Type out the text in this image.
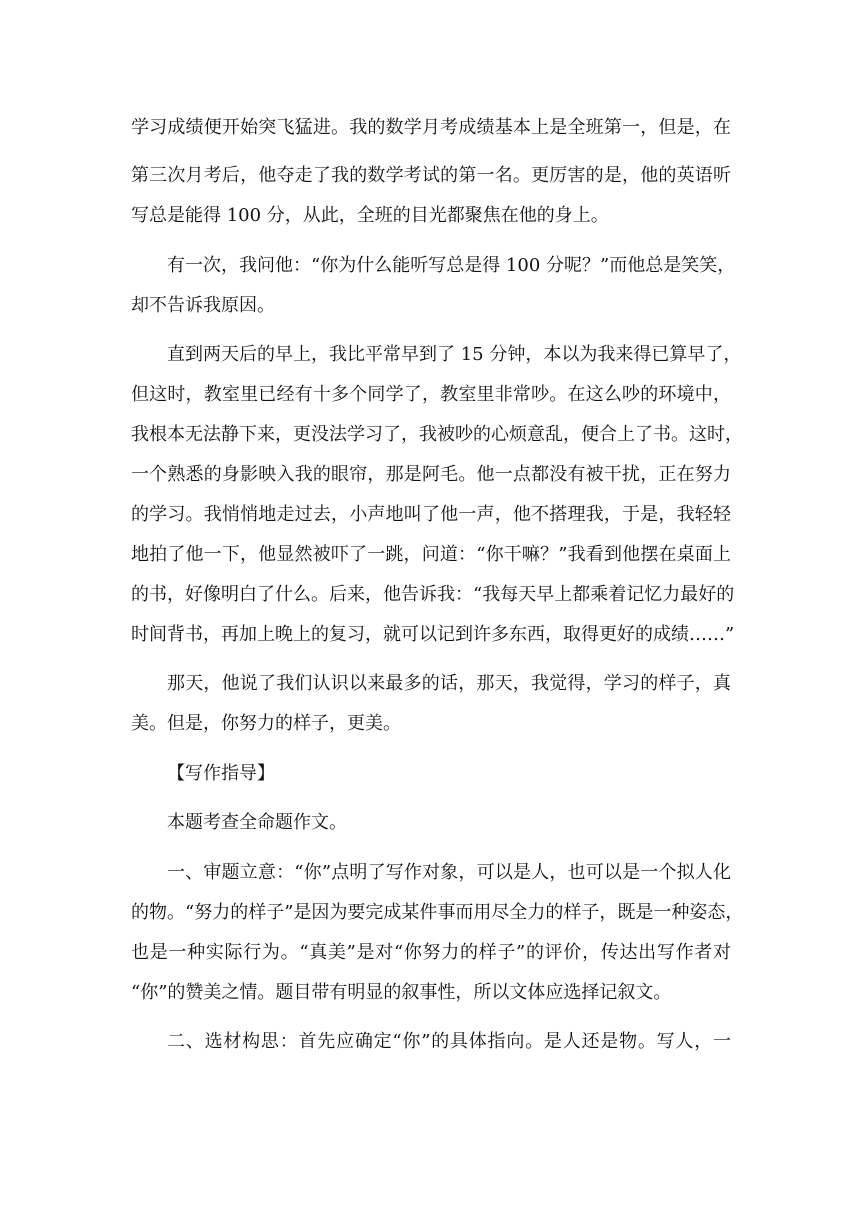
学习成绩便开始突飞猛进。我的数学月考成绩基本上是全班第一，但是，在
第三次月考后，他夺走了我的数学考试的第一名。更厉害的是，他的英语听
写总是能得 100 分，从此，全班的目光都聚焦在他的身上。
有一次，我问他：“你为什么能听写总是得 100 分呢？”而他总是笑笑，
却不告诉我原因。
直到两天后的早上，我比平常早到了 15 分钟，本以为我来得已算早了，
但这时，教室里已经有十多个同学了，教室里非常吵。在这么吵的环境中，
我根本无法静下来，更没法学习了，我被吵的心烦意乱，便合上了书。这时，
一个熟悉的身影映入我的眼帘，那是阿毛。他一点都没有被干扰，正在努力
的学习。我悄悄地走过去，小声地叫了他一声，他不搭理我，于是，我轻轻
地拍了他一下，他显然被吓了一跳，问道：“你干嘛？”我看到他摆在桌面上
的书，好像明白了什么。后来，他告诉我：“我每天早上都乘着记忆力最好的
时间背书，再加上晚上的复习，就可以记到许多东西，取得更好的成绩……”
那天，他说了我们认识以来最多的话，那天，我觉得，学习的样子，真
美。但是，你努力的样子，更美。
【写作指导】
本题考查全命题作文。
一、审题立意：“你”点明了写作对象，可以是人，也可以是一个拟人化
的物。“努力的样子”是因为要完成某件事而用尽全力的样子，既是一种姿态，
也是一种实际行为。“真美”是对“你努力的样子”的评价，传达出写作者对
“你”的赞美之情。题目带有明显的叙事性，所以文体应选择记叙文。
二、选材构思：首先应确定“你”的具体指向。是人还是物。写人，一
